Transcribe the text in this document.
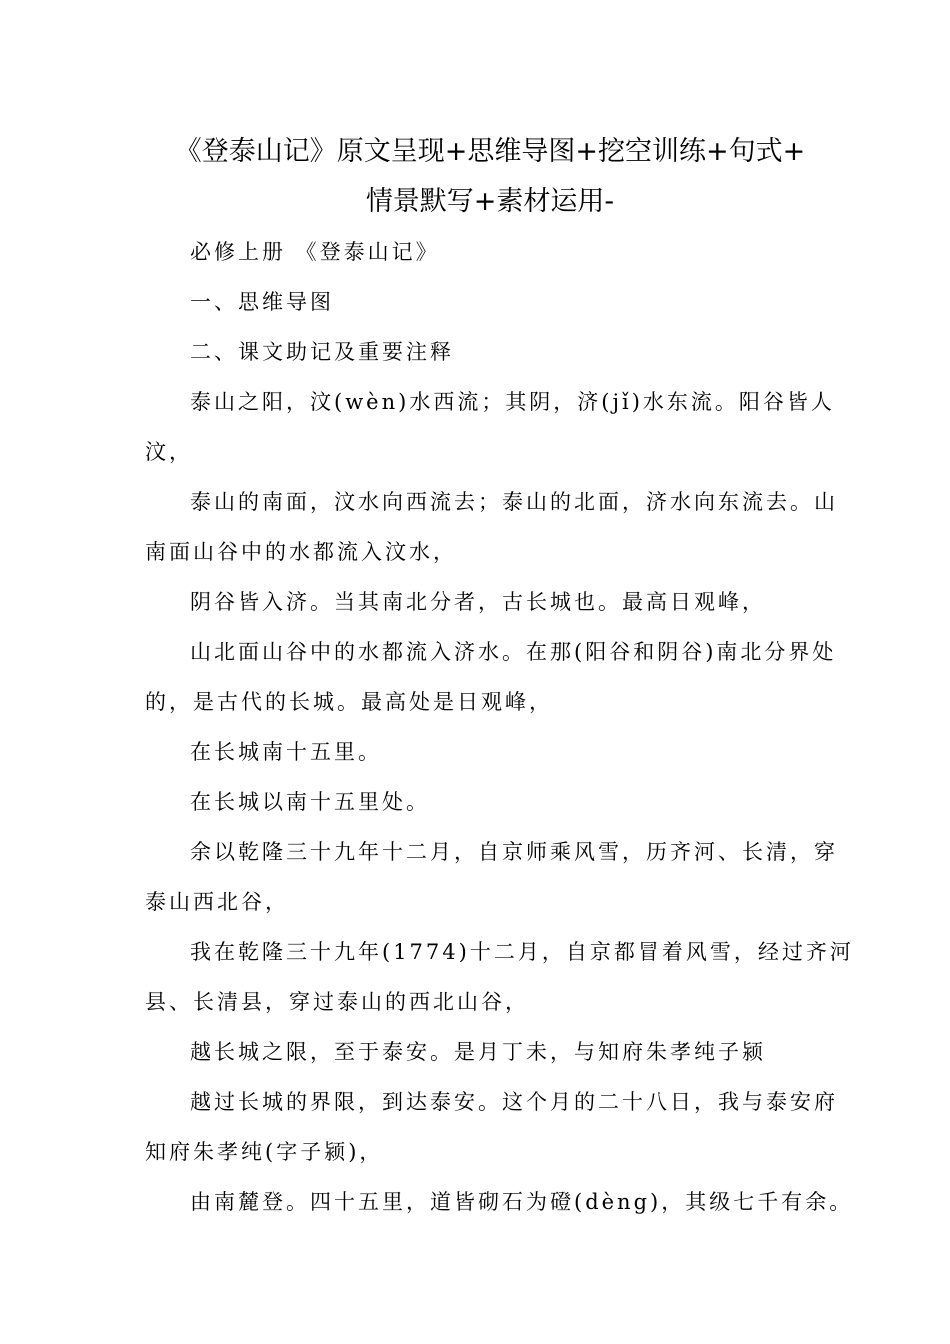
《登泰山记》原文呈现+思维导图+挖空训练+句式+
情景默写+素材运用-
必修上册 《登泰山记》
一、思维导图
二、课文助记及重要注释
泰山之阳，汶(wèn)水西流；其阴，济(jǐ)水东流。阳谷皆人
汶，
泰山的南面，汶水向西流去；泰山的北面，济水向东流去。山
南面山谷中的水都流入汶水，
阴谷皆入济。当其南北分者，古长城也。最高日观峰，
山北面山谷中的水都流入济水。在那(阳谷和阴谷)南北分界处
的，是古代的长城。最高处是日观峰，
在长城南十五里。
在长城以南十五里处。
余以乾隆三十九年十二月，自京师乘风雪，历齐河、长清，穿
泰山西北谷，
我在乾隆三十九年(1774)十二月，自京都冒着风雪，经过齐河
县、长清县，穿过泰山的西北山谷，
越长城之限，至于泰安。是月丁未，与知府朱孝纯子颍
越过长城的界限，到达泰安。这个月的二十八日，我与泰安府
知府朱孝纯(字子颍)，
由南麓登。四十五里，道皆砌石为磴(dèng)，其级七千有余。
